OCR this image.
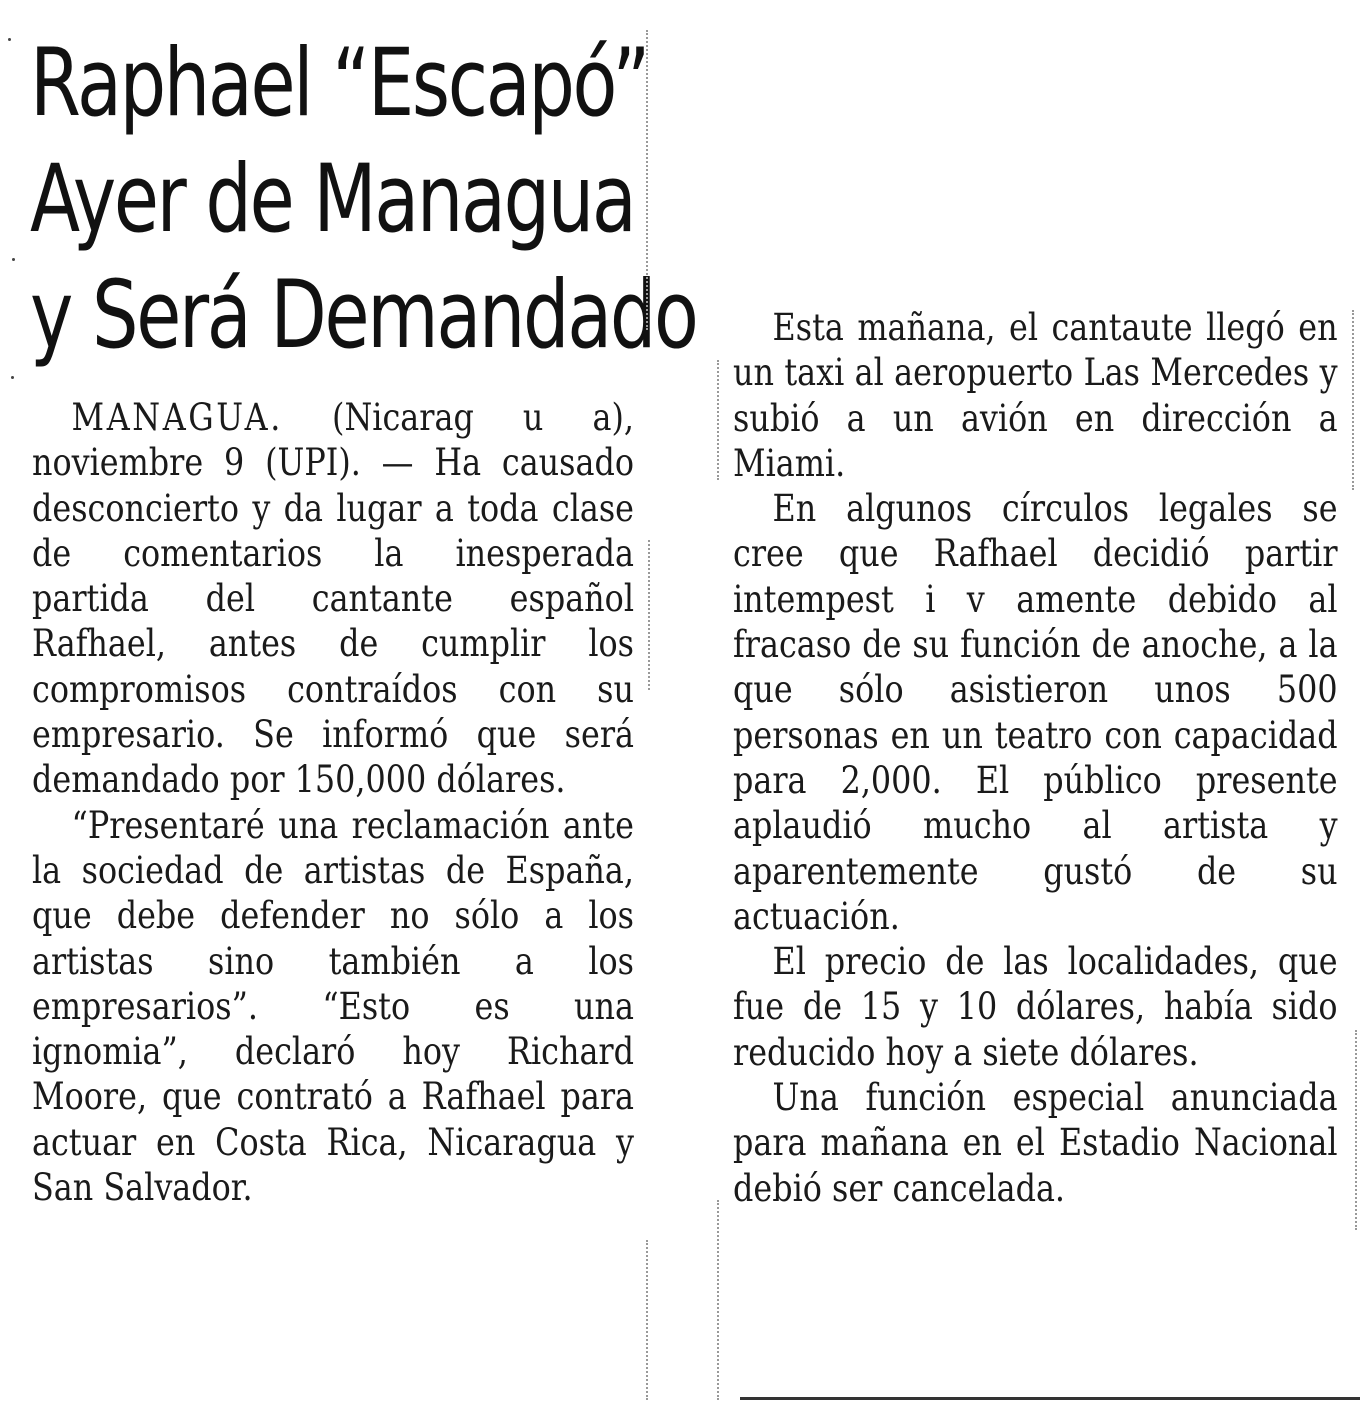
Raphael “Escapó”
Ayer de Managua
y Será Demandado

MANAGUA. (Nicarag u a), noviembre 9 (UPI). — Ha causado desconcierto y da lugar a toda clase de comentarios la inesperada partida del cantante español Rafhael, antes de cumplir los compromisos contraídos con su empresario. Se informó que será demandado por 150,000 dólares.

“Presentaré una reclamación ante la sociedad de artistas de España, que debe defender no sólo a los artistas sino también a los empresarios”. “Esto es una ignomia”, declaró hoy Richard Moore, que contrató a Rafhael para actuar en Costa Rica, Nicaragua y San Salvador.

Esta mañana, el cantaute llegó en un taxi al aeropuerto Las Mercedes y subió a un avión en dirección a Miami.

En algunos círculos legales se cree que Rafhael decidió partir intempest i v amente debido al fracaso de su función de anoche, a la que sólo asistieron unos 500 personas en un teatro con capacidad para 2,000. El público presente aplaudió mucho al artista y aparentemente gustó de su actuación.

El precio de las localidades, que fue de 15 y 10 dólares, había sido reducido hoy a siete dólares.

Una función especial anunciada para mañana en el Estadio Nacional debió ser cancelada.
